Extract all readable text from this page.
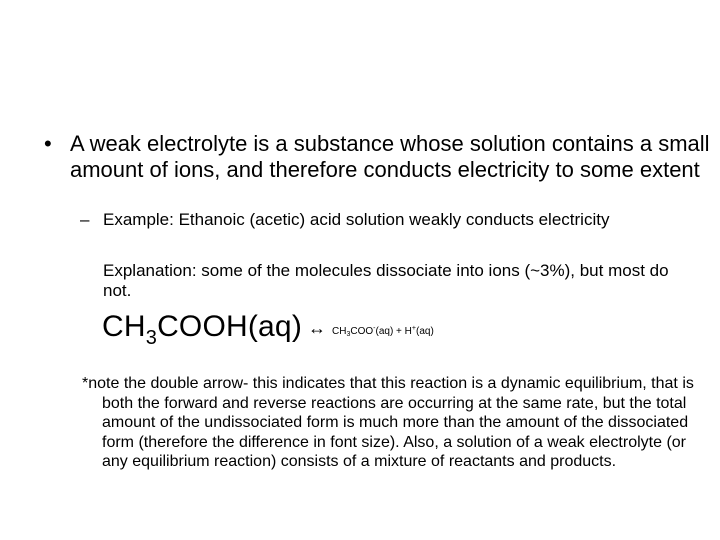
• A weak electrolyte is a substance whose solution contains a small amount of ions, and therefore conducts electricity to some extent
– Example: Ethanoic (acetic) acid solution weakly conducts electricity
Explanation: some of the molecules dissociate into ions (~3%), but most do not.
$CH_3COOH(aq)$ ↔ $CH_3COO^-(aq) + H^+(aq)$
*note the double arrow- this indicates that this reaction is a dynamic equilibrium, that is both the forward and reverse reactions are occurring at the same rate, but the total amount of the undissociated form is much more than the amount of the dissociated form (therefore the difference in font size). Also, a solution of a weak electrolyte (or any equilibrium reaction) consists of a mixture of reactants and products.
